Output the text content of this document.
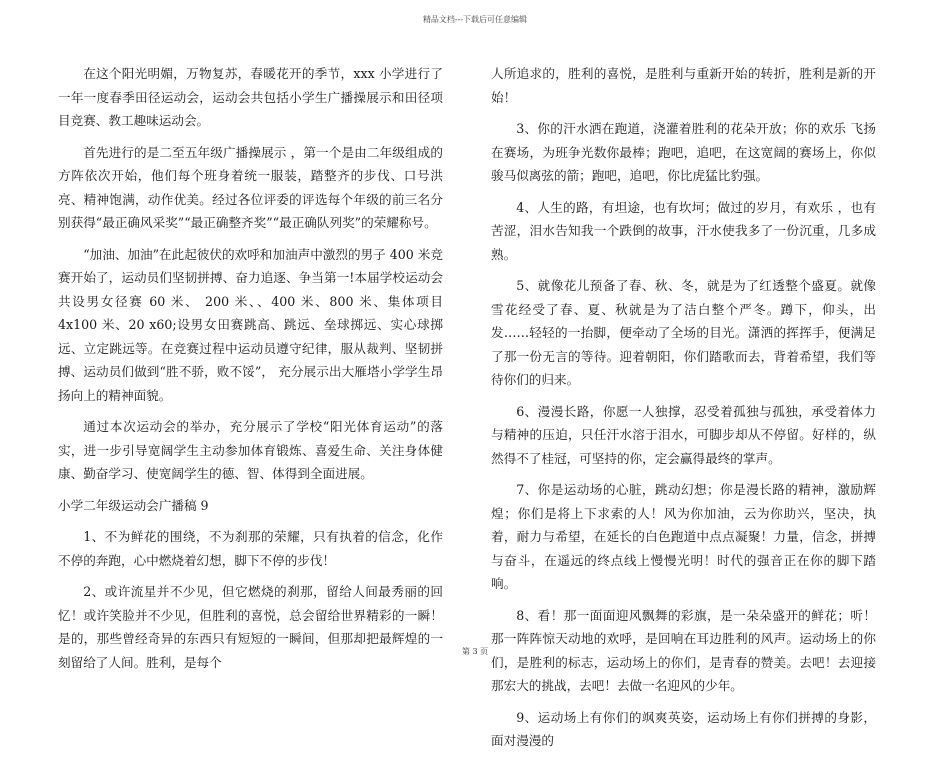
精品文档---下载后可任意编辑

在这个阳光明媚，万物复苏，春暖花开的季节，xxx 小学进行了一年一度春季田径运动会，运动会共包括小学生广播操展示和田径项目竞赛、教工趣味运动会。

首先进行的是二至五年级广播操展示 ，第一个是由二年级组成的方阵依次开始，他们每个班身着统一服装，踏整齐的步伐、口号洪亮、精神饱满，动作优美。经过各位评委的评选每个年级的前三名分别获得“最正确风采奖”“最正确整齐奖”“最正确队列奖”的荣耀称号。

“加油、加油”在此起彼伏的欢呼和加油声中激烈的男子 400 米竞赛开始了，运动员们坚韧拼搏、奋力追逐、争当第一!本届学校运动会共设男女径赛 60 米、 200 米、、400 米、800 米、集体项目 4x100 米、20 x60;设男女田赛跳高、跳远、垒球掷远、实心球掷远、立定跳远等。在竞赛过程中运动员遵守纪律，服从裁判、坚韧拼搏、运动员们做到“胜不骄，败不馁”， 充分展示出大雁塔小学学生昂扬向上的精神面貌。

通过本次运动会的举办，充分展示了学校“阳光体育运动”的落实，进一步引导宽阔学生主动参加体育锻炼、喜爱生命、关注身体健康、勤奋学习、使宽阔学生的德、智、体得到全面进展。

小学二年级运动会广播稿 9

1、不为鲜花的围绕，不为刹那的荣耀，只有执着的信念，化作不停的奔跑，心中燃烧着幻想，脚下不停的步伐！

2、或许流星并不少见，但它燃烧的刹那，留给人间最秀丽的回忆！或许笑脸并不少见，但胜利的喜悦，总会留给世界精彩的一瞬！是的，那些曾经奇异的东西只有短短的一瞬间，但那却把最辉煌的一刻留给了人间。胜利，是每个

人所追求的，胜利的喜悦，是胜利与重新开始的转折，胜利是新的开始！

3、你的汗水洒在跑道，浇灌着胜利的花朵开放；你的欢乐 飞扬在赛场，为班争光数你最棒；跑吧，追吧，在这宽阔的赛场上，你似骏马似离弦的箭；跑吧，追吧，你比虎猛比豹强。

4、人生的路，有坦途，也有坎坷；做过的岁月，有欢乐 ，也有苦涩，泪水告知我一个跌倒的故事，汗水使我多了一份沉重，几多成熟。

5、就像花儿预备了春、秋、冬，就是为了红透整个盛夏。就像雪花经受了春、夏、秋就是为了洁白整个严冬。蹲下，仰头，出发……轻轻的一抬脚，便牵动了全场的目光。潇洒的挥挥手，便满足了那一份无言的等待。迎着朝阳，你们踏歌而去，背着希望，我们等待你们的归来。

6、漫漫长路，你愿一人独撑，忍受着孤独与孤独，承受着体力与精神的压迫，只任汗水溶于泪水，可脚步却从不停留。好样的，纵然得不了桂冠，可坚持的你，定会赢得最终的掌声。

7、你是运动场的心脏，跳动幻想；你是漫长路的精神，激励辉煌；你们是将上下求索的人！风为你加油，云为你助兴，坚决，执着，耐力与希望，在延长的白色跑道中点点凝聚！力量，信念，拼搏与奋斗，在遥远的终点线上慢慢光明！时代的强音正在你的脚下踏响。

8、看！那一面面迎风飘舞的彩旗，是一朵朵盛开的鲜花；听！那一阵阵惊天动地的欢呼，是回响在耳边胜利的风声。运动场上的你们，是胜利的标志，运动场上的你们，是青春的赞美。去吧！去迎接那宏大的挑战，去吧！去做一名迎风的少年。

9、运动场上有你们的飒爽英姿，运动场上有你们拼搏的身影，面对漫漫的

第 3 页
